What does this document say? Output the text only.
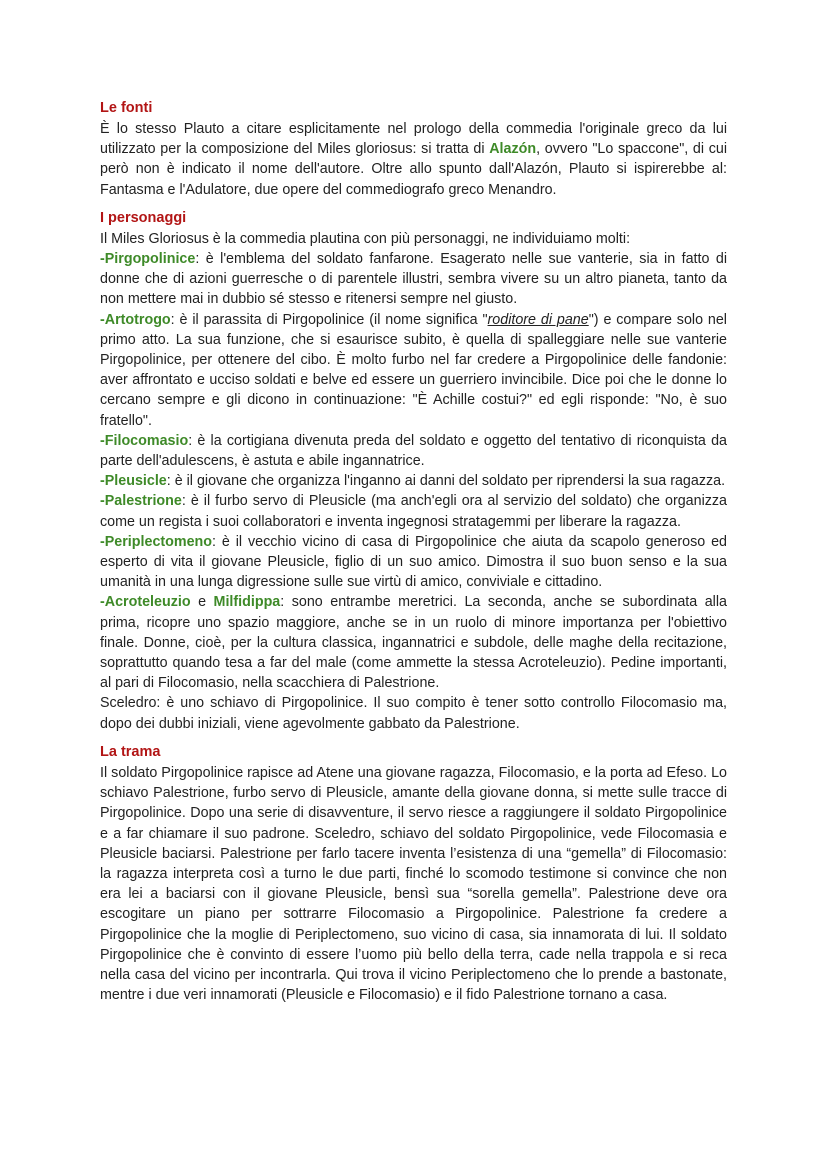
Le fonti

È lo stesso Plauto a citare esplicitamente nel prologo della commedia l'originale greco da lui utilizzato per la composizione del Miles gloriosus: si tratta di Alazón, ovvero "Lo spaccone", di cui però non è indicato il nome dell'autore. Oltre allo spunto dall'Alazón, Plauto si ispirerebbe al: Fantasma e l'Adulatore, due opere del commediografo greco Menandro.

I personaggi

Il Miles Gloriosus è la commedia plautina con più personaggi, ne individuiamo molti:

-Pirgopolinice: è l'emblema del soldato fanfarone. Esagerato nelle sue vanterie, sia in fatto di donne che di azioni guerresche o di parentele illustri, sembra vivere su un altro pianeta, tanto da non mettere mai in dubbio sé stesso e ritenersi sempre nel giusto.

-Artotrogo: è il parassita di Pirgopolinice (il nome significa "roditore di pane") e compare solo nel primo atto. La sua funzione, che si esaurisce subito, è quella di spalleggiare nelle sue vanterie Pirgopolinice, per ottenere del cibo. È molto furbo nel far credere a Pirgopolinice delle fandonie: aver affrontato e ucciso soldati e belve ed essere un guerriero invincibile. Dice poi che le donne lo cercano sempre e gli dicono in continuazione: "È Achille costui?" ed egli risponde: "No, è suo fratello".

-Filocomasio: è la cortigiana divenuta preda del soldato e oggetto del tentativo di riconquista da parte dell'adulescens, è astuta e abile ingannatrice.

-Pleusicle: è il giovane che organizza l'inganno ai danni del soldato per riprendersi la sua ragazza.

-Palestrione: è il furbo servo di Pleusicle (ma anch'egli ora al servizio del soldato) che organizza come un regista i suoi collaboratori e inventa ingegnosi stratagemmi per liberare la ragazza.

-Periplectomeno: è il vecchio vicino di casa di Pirgopolinice che aiuta da scapolo generoso ed esperto di vita il giovane Pleusicle, figlio di un suo amico. Dimostra il suo buon senso e la sua umanità in una lunga digressione sulle sue virtù di amico, conviviale e cittadino.

-Acroteleuzio e Milfidippa: sono entrambe meretrici. La seconda, anche se subordinata alla prima, ricopre uno spazio maggiore, anche se in un ruolo di minore importanza per l'obiettivo finale. Donne, cioè, per la cultura classica, ingannatrici e subdole, delle maghe della recitazione, soprattutto quando tesa a far del male (come ammette la stessa Acroteleuzio). Pedine importanti, al pari di Filocomasio, nella scacchiera di Palestrione.

Sceledro: è uno schiavo di Pirgopolinice. Il suo compito è tener sotto controllo Filocomasio ma, dopo dei dubbi iniziali, viene agevolmente gabbato da Palestrione.

La trama

Il soldato Pirgopolinice rapisce ad Atene una giovane ragazza, Filocomasio, e la porta ad Efeso. Lo schiavo Palestrione, furbo servo di Pleusicle, amante della giovane donna, si mette sulle tracce di Pirgopolinice. Dopo una serie di disavventure, il servo riesce a raggiungere il soldato Pirgopolinice e a far chiamare il suo padrone. Sceledro, schiavo del soldato Pirgopolinice, vede Filocomasia e Pleusicle baciarsi. Palestrione per farlo tacere inventa l’esistenza di una “gemella” di Filocomasio: la ragazza interpreta così a turno le due parti, finché lo scomodo testimone si convince che non era lei a baciarsi con il giovane Pleusicle, bensì sua “sorella gemella”. Palestrione deve ora escogitare un piano per sottrarre Filocomasio a Pirgopolinice. Palestrione fa credere a Pirgopolinice che la moglie di Periplectomeno, suo vicino di casa, sia innamorata di lui. Il soldato Pirgopolinice che è convinto di essere l’uomo più bello della terra, cade nella trappola e si reca nella casa del vicino per incontrarla. Qui trova il vicino Periplectomeno che lo prende a bastonate, mentre i due veri innamorati (Pleusicle e Filocomasio) e il fido Palestrione tornano a casa.
